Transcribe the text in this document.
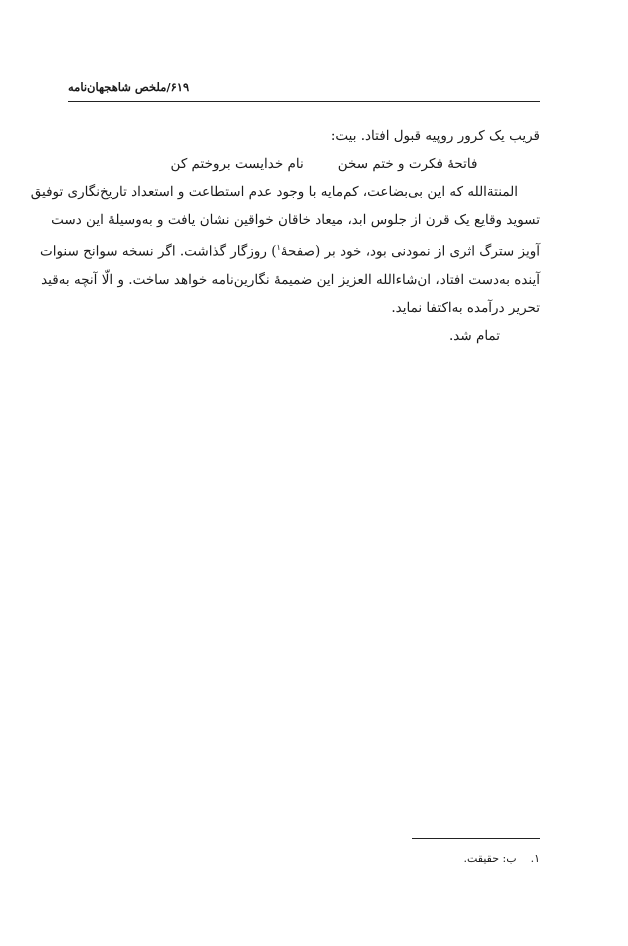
۶۱۹/ملخص شاهجهان‌نامه
قریب یک کرور روپیه قبول افتاد. بیت:
فاتحهٔ فکرت و ختم سخن
نام خدایست بروختم کن
المنتةالله که این بی‌بضاعت، کم‌مایه با وجود عدم استطاعت و استعداد تاریخ‌نگاری توفیق
تسوید وقایع یک قرن از جلوس ابد، میعاد خاقان خواقین نشان یافت و به‌وسیلهٔ این دست
آویز سترگ اثری از نمودنی بود، خود بر (صفحهٔ$^۱$) روزگار گذاشت. اگر نسخه سوانح سنوات
آینده به‌دست افتاد، ان‌شاءالله العزیز این ضمیمهٔ نگارین‌نامه خواهد ساخت. و الّا آنچه به‌قید
تحریر درآمده به‌اکتفا نماید.
تمام شد.
۱.ب: حقیقت.
